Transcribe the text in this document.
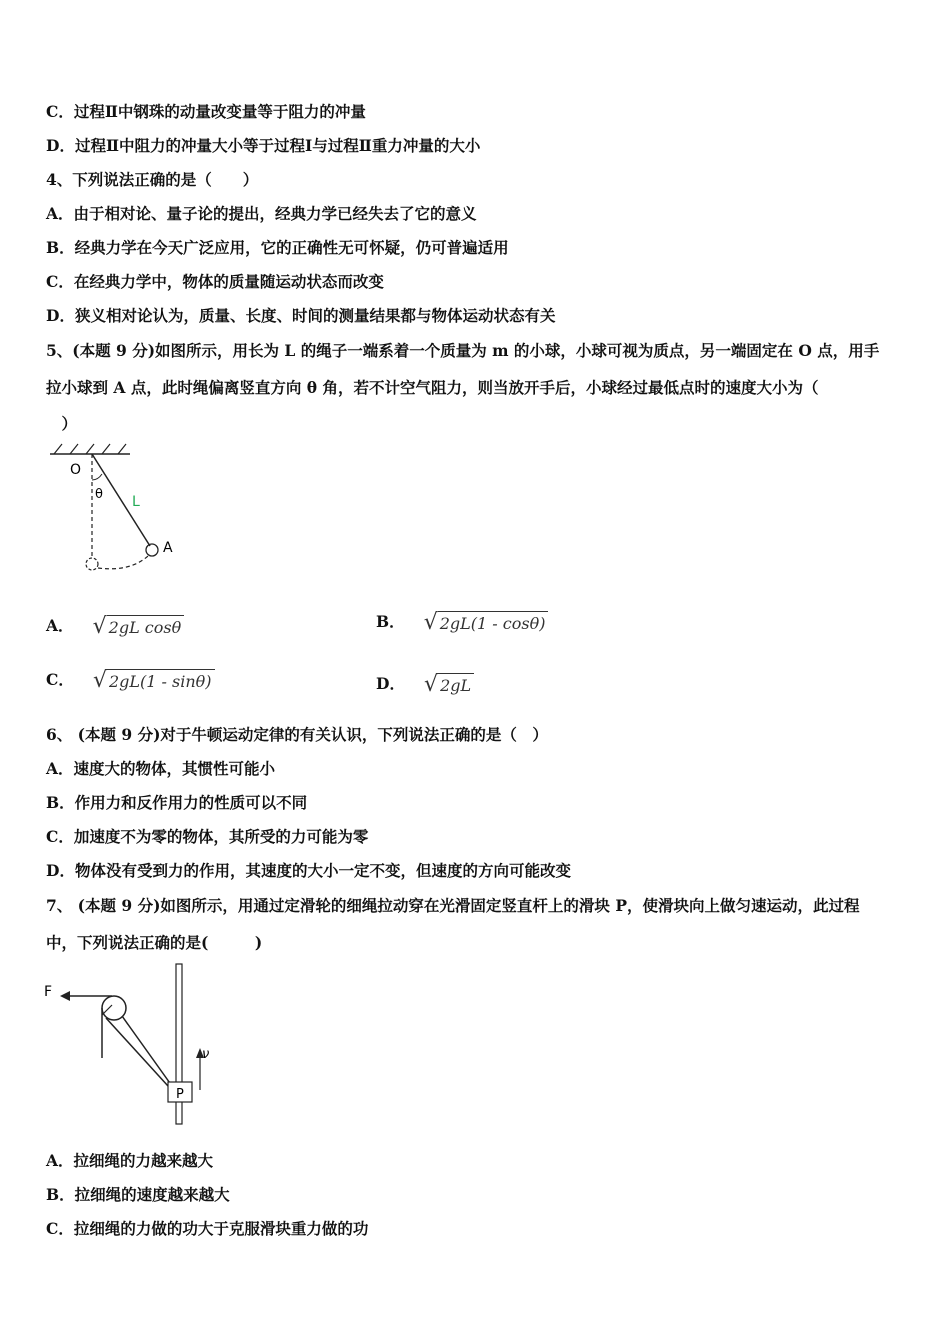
C．过程Ⅱ中钢珠的动量改变量等于阻力的冲量
D．过程Ⅱ中阻力的冲量大小等于过程Ⅰ与过程Ⅱ重力冲量的大小
4、下列说法正确的是（　　）
A．由于相对论、量子论的提出，经典力学已经失去了它的意义
B．经典力学在今天广泛应用，它的正确性无可怀疑，仍可普遍适用
C．在经典力学中，物体的质量随运动状态而改变
D．狭义相对论认为，质量、长度、时间的测量结果都与物体运动状态有关
5、(本题 9 分)如图所示，用长为 L 的绳子一端系着一个质量为 m 的小球，小球可视为质点，另一端固定在 O 点，用手
拉小球到 A 点，此时绳偏离竖直方向 θ 角，若不计空气阻力，则当放开手后，小球经过最低点时的速度大小为（
　）
O
θ L
A
A． √ 2gL cosθ	B． √ 2gL(1 - cosθ)
C． √ 2gL(1 - sinθ)	D． √ 2gL
6、 (本题 9 分)对于牛顿运动定律的有关认识，下列说法正确的是（　）
A．速度大的物体，其惯性可能小
B．作用力和反作用力的性质可以不同
C．加速度不为零的物体，其所受的力可能为零
D．物体没有受到力的作用，其速度的大小一定不变，但速度的方向可能改变
7、 (本题 9 分)如图所示，用通过定滑轮的细绳拉动穿在光滑固定竖直杆上的滑块 P，使滑块向上做匀速运动，此过程
中，下列说法正确的是(　　　)
F
ν
P
A．拉细绳的力越来越大
B．拉细绳的速度越来越大
C．拉细绳的力做的功大于克服滑块重力做的功
